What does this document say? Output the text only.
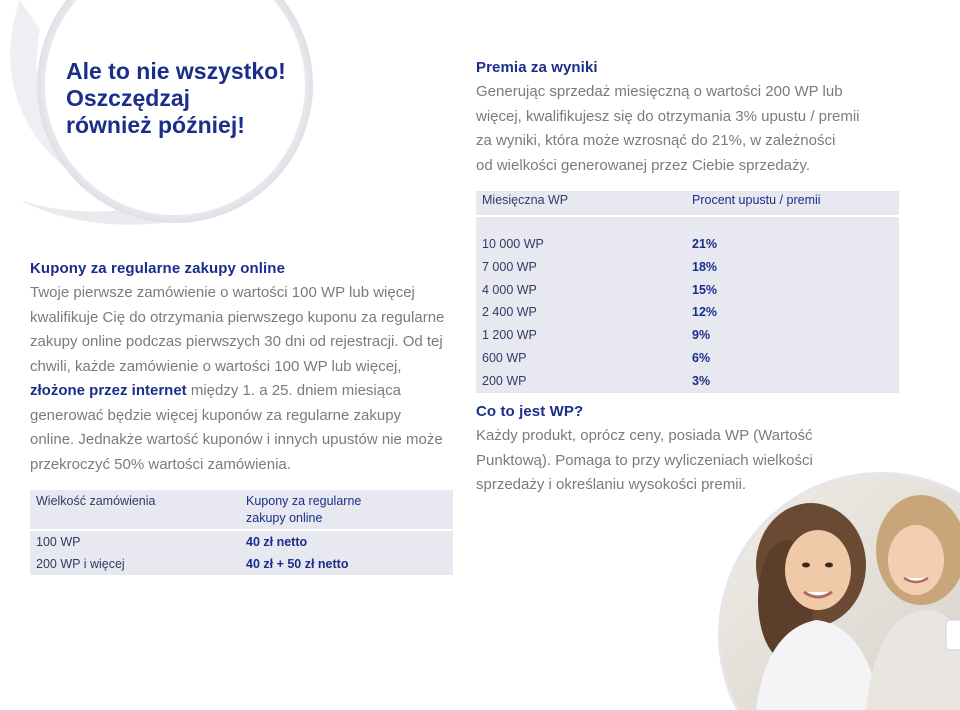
Ale to nie wszystko!
Oszczędzaj
również później!
Premia za wyniki
Generując sprzedaż miesięczną o wartości 200 WP lub
więcej, kwalifikujesz się do otrzymania 3% upustu / premii
za wyniki, która może wzrosnąć do 21%, w zależności
od wielkości generowanej przez Ciebie sprzedaży.
Miesięczna WP	Procent upustu / premii

10 000 WP	21%
7 000 WP	18%
4 000 WP	15%
2 400 WP	12%
1 200 WP	9%
600 WP	6%
200 WP	3%
Kupony za regularne zakupy online
Twoje pierwsze zamówienie o wartości 100 WP lub więcej
kwalifikuje Cię do otrzymania pierwszego kuponu za regularne
zakupy online podczas pierwszych 30 dni od rejestracji. Od tej
chwili, każde zamówienie o wartości 100 WP lub więcej,
złożone przez internet między 1. a 25. dniem miesiąca
generować będzie więcej kuponów za regularne zakupy
online. Jednakże wartość kuponów i innych upustów nie może
przekroczyć 50% wartości zamówienia.
Wielkość zamówienia	Kupony za regularne
zakupy online

100 WP	40 zł netto
200 WP i więcej	40 zł + 50 zł netto
Co to jest WP?
Każdy produkt, oprócz ceny, posiada WP (Wartość
Punktową). Pomaga to przy wyliczeniach wielkości
sprzedaży i określaniu wysokości premii.
